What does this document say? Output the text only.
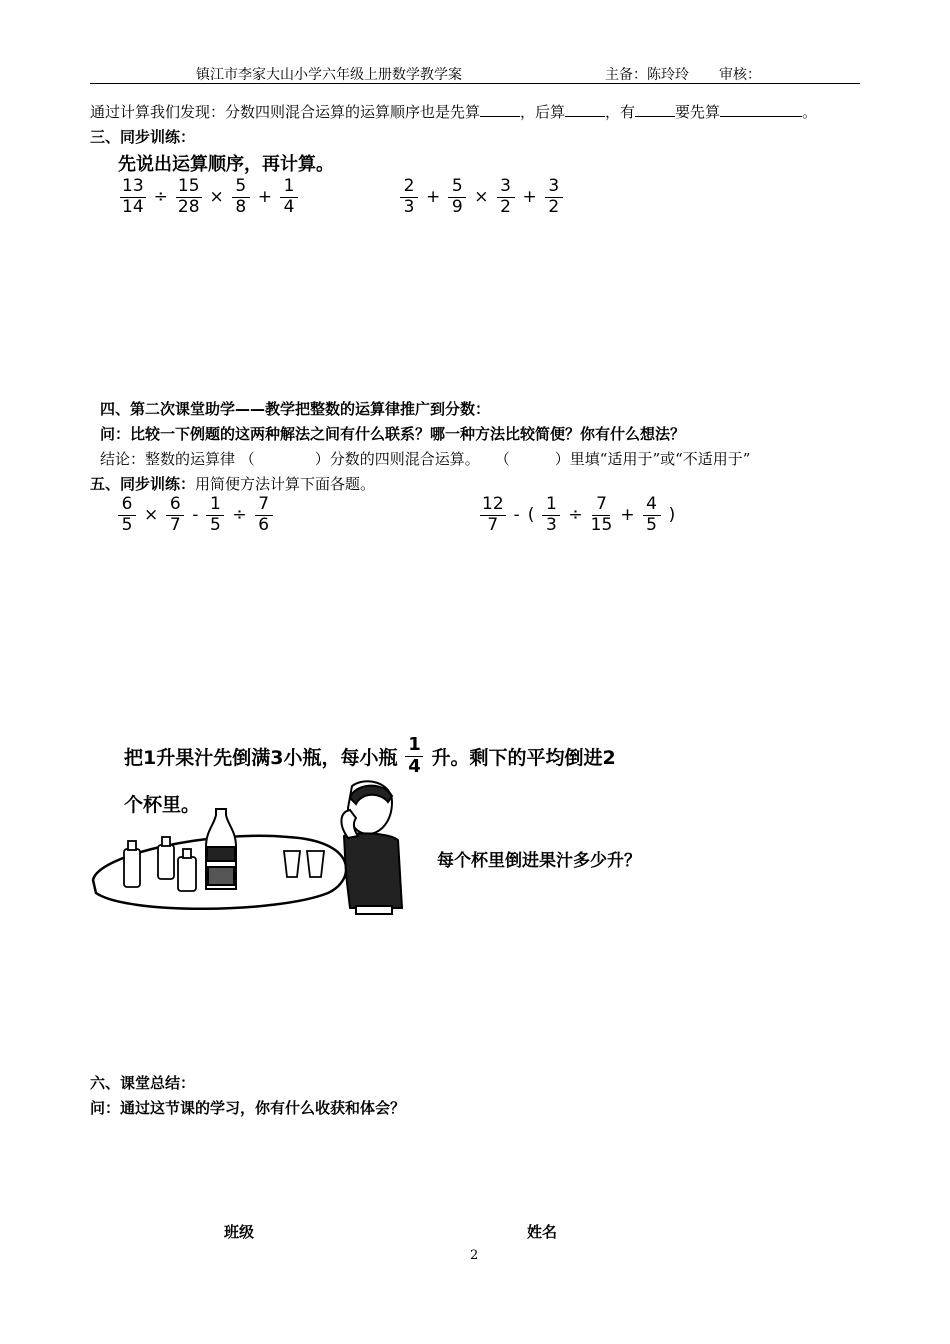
镇江市李家大山小学六年级上册数学教学案	主备：陈玲玲 审核：
通过计算我们发现：分数四则混合运算的运算顺序也是先算	，后算	，有	要先算	。
三、同步训练：
先说出运算顺序，再计算。
$\frac{13}{14} \div \frac{15}{28} \times \frac{5}{8} + \frac{1}{4}$	$\frac{2}{3} + \frac{5}{9} \times \frac{3}{2} + \frac{3}{2}$
四、第二次课堂助学——教学把整数的运算律推广到分数：
问：比较一下例题的这两种解法之间有什么联系？哪一种方法比较简便？你有什么想法？
结论：整数的运算律 （　　　　）分数的四则混合运算。　　（　　　）里填“适用于”或“不适用于”
五、同步训练：用简便方法计算下面各题。
$\frac{6}{5} \times \frac{6}{7} - \frac{1}{5} \div \frac{7}{6}$	$\frac{12}{7}$ - ( $\frac{1}{3} \div \frac{7}{15} + \frac{4}{5}$ )
把1升果汁先倒满3小瓶，每小瓶 $\frac{1}{4}$ 升。剩下的平均倒进2
个杯里。
每个杯里倒进果汁多少升？
六、课堂总结：
问：通过这节课的学习，你有什么收获和体会？
班级	姓名
2
